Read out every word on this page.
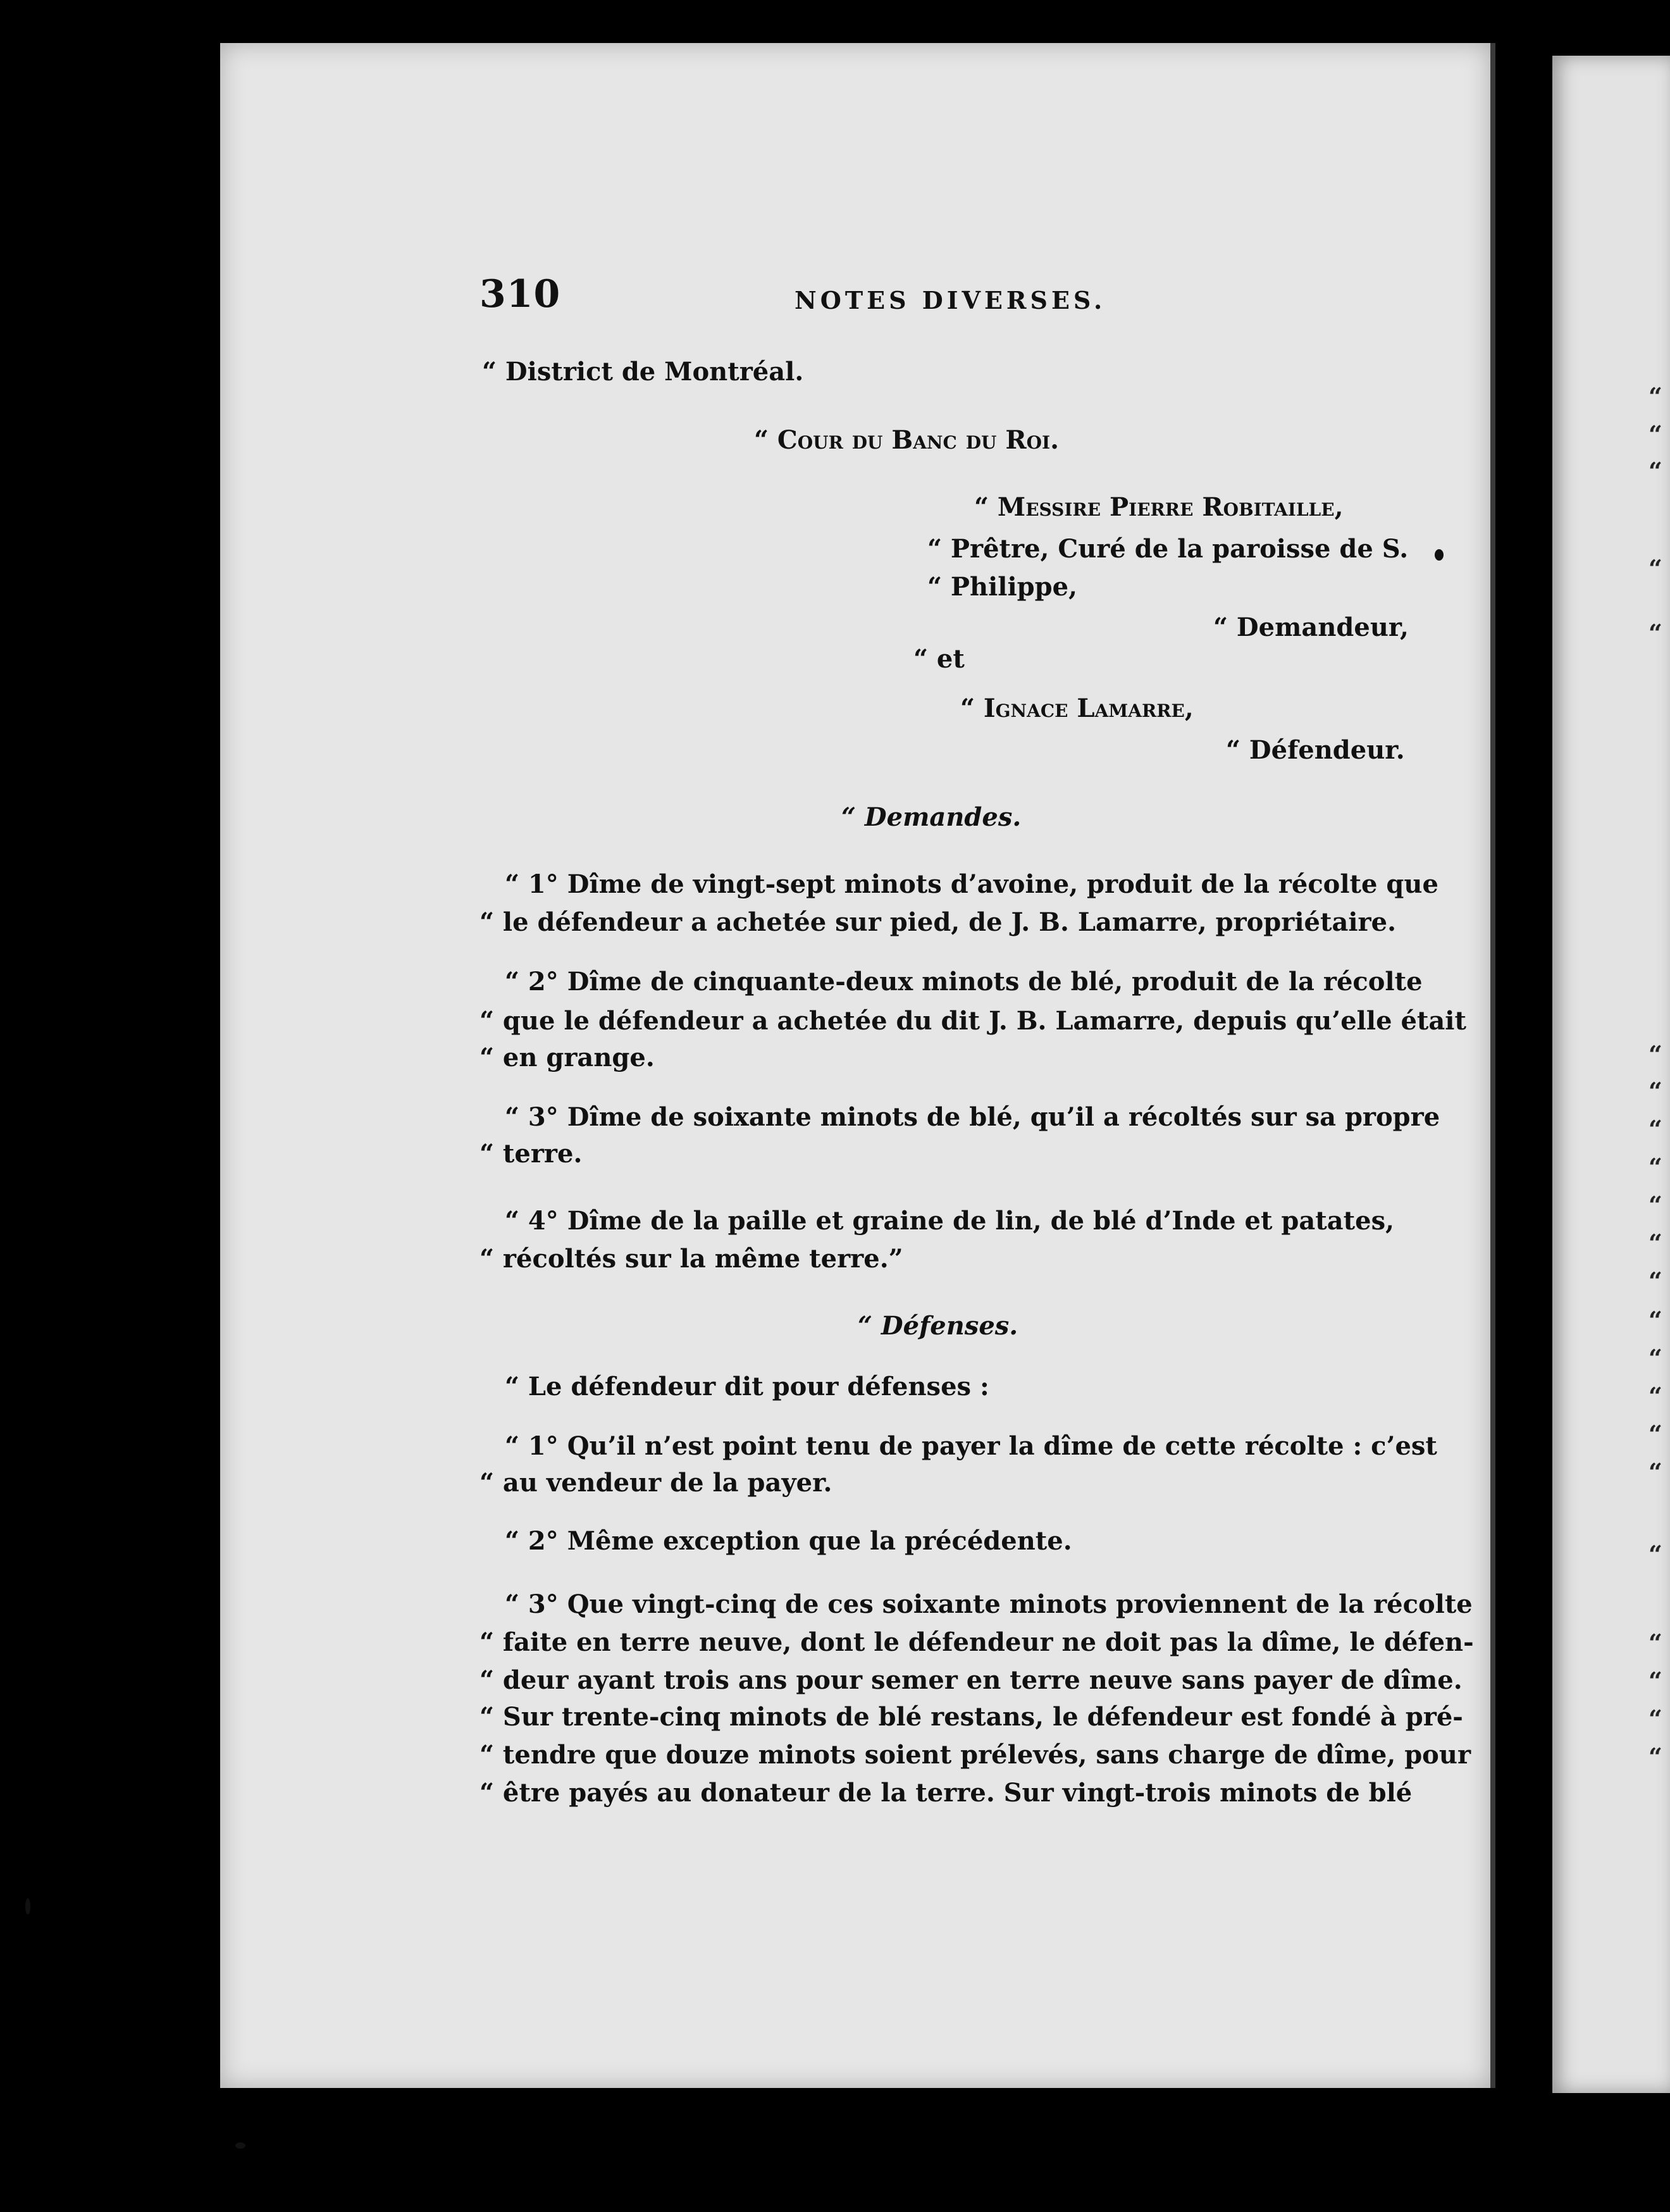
310	NOTES DIVERSES.
“ District de Montréal.
“ Cour du Banc du Roi.
“ Messire Pierre Robitaille,
“ Prêtre, Curé de la paroisse de S.
“ Philippe,
“ Demandeur,
“ et
“ Ignace Lamarre,
“ Défendeur.
“ Demandes.
“ 1° Dîme de vingt-sept minots d’avoine, produit de la récolte que
“ le défendeur a achetée sur pied, de J. B. Lamarre, propriétaire.
“ 2° Dîme de cinquante-deux minots de blé, produit de la récolte
“ que le défendeur a achetée du dit J. B. Lamarre, depuis qu’elle était
“ en grange.
“ 3° Dîme de soixante minots de blé, qu’il a récoltés sur sa propre
“ terre.
“ 4° Dîme de la paille et graine de lin, de blé d’Inde et patates,
“ récoltés sur la même terre.”
“ Défenses.
“ Le défendeur dit pour défenses :
“ 1° Qu’il n’est point tenu de payer la dîme de cette récolte : c’est
“ au vendeur de la payer.
“ 2° Même exception que la précédente.
“ 3° Que vingt-cinq de ces soixante minots proviennent de la récolte
“ faite en terre neuve, dont le défendeur ne doit pas la dîme, le défen-
“ deur ayant trois ans pour semer en terre neuve sans payer de dîme.
“ Sur trente-cinq minots de blé restans, le défendeur est fondé à pré-
“ tendre que douze minots soient prélevés, sans charge de dîme, pour
“ être payés au donateur de la terre. Sur vingt-trois minots de blé
“
“
“
“
“
“
“
“
“
“
“
“
“
“
“
“
“
“
“
“
“
“
